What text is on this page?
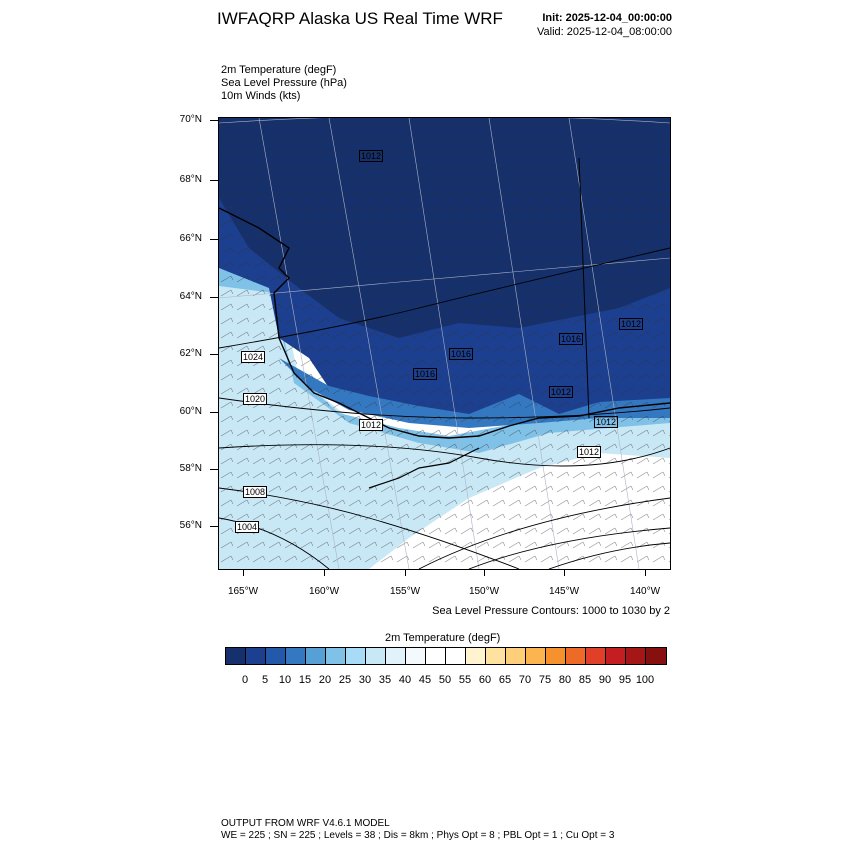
IWFAQRP Alaska US Real Time WRF	Init: 2025-12-04_00:00:00
Valid: 2025-12-04_08:00:00
2m Temperature (degF)
Sea Level Pressure (hPa)
10m Winds (kts)
70°N
68°N
66°N
64°N
62°N
60°N
58°N
56°N
165°W	160°W	155°W	150°W	145°W	140°W
1024
1020
1012
1008
1004
1016
1016
1012
1012
1012
1012
1016
1012
Sea Level Pressure Contours: 1000 to 1030 by 2
2m Temperature (degF)
0	5 10 15 20 25 30 35 40 45 50 55 60 65 70 75 80 85 90 95 100
OUTPUT FROM WRF V4.6.1 MODEL
WE = 225 ; SN = 225 ; Levels = 38 ; Dis = 8km ; Phys Opt = 8 ; PBL Opt = 1 ; Cu Opt = 3
